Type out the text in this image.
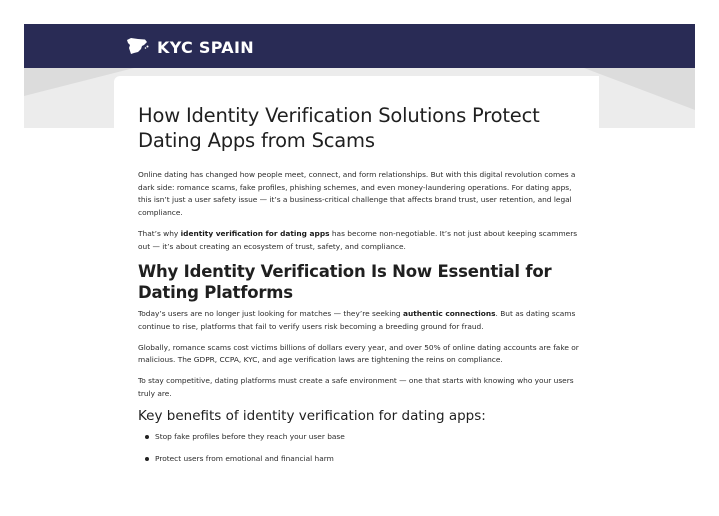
KYC SPAIN
How Identity Verification Solutions Protect Dating Apps from Scams

Online dating has changed how people meet, connect, and form relationships. But with this digital revolution comes a dark side: romance scams, fake profiles, phishing schemes, and even money-laundering operations. For dating apps, this isn’t just a user safety issue — it’s a business-critical challenge that affects brand trust, user retention, and legal compliance.

That’s why identity verification for dating apps has become non-negotiable. It’s not just about keeping scammers out — it’s about creating an ecosystem of trust, safety, and compliance.

Why Identity Verification Is Now Essential for Dating Platforms

Today’s users are no longer just looking for matches — they’re seeking authentic connections. But as dating scams continue to rise, platforms that fail to verify users risk becoming a breeding ground for fraud.

Globally, romance scams cost victims billions of dollars every year, and over 50% of online dating accounts are fake or malicious. The GDPR, CCPA, KYC, and age verification laws are tightening the reins on compliance.

To stay competitive, dating platforms must create a safe environment — one that starts with knowing who your users truly are.

Key benefits of identity verification for dating apps:
Stop fake profiles before they reach your user base
Protect users from emotional and financial harm
